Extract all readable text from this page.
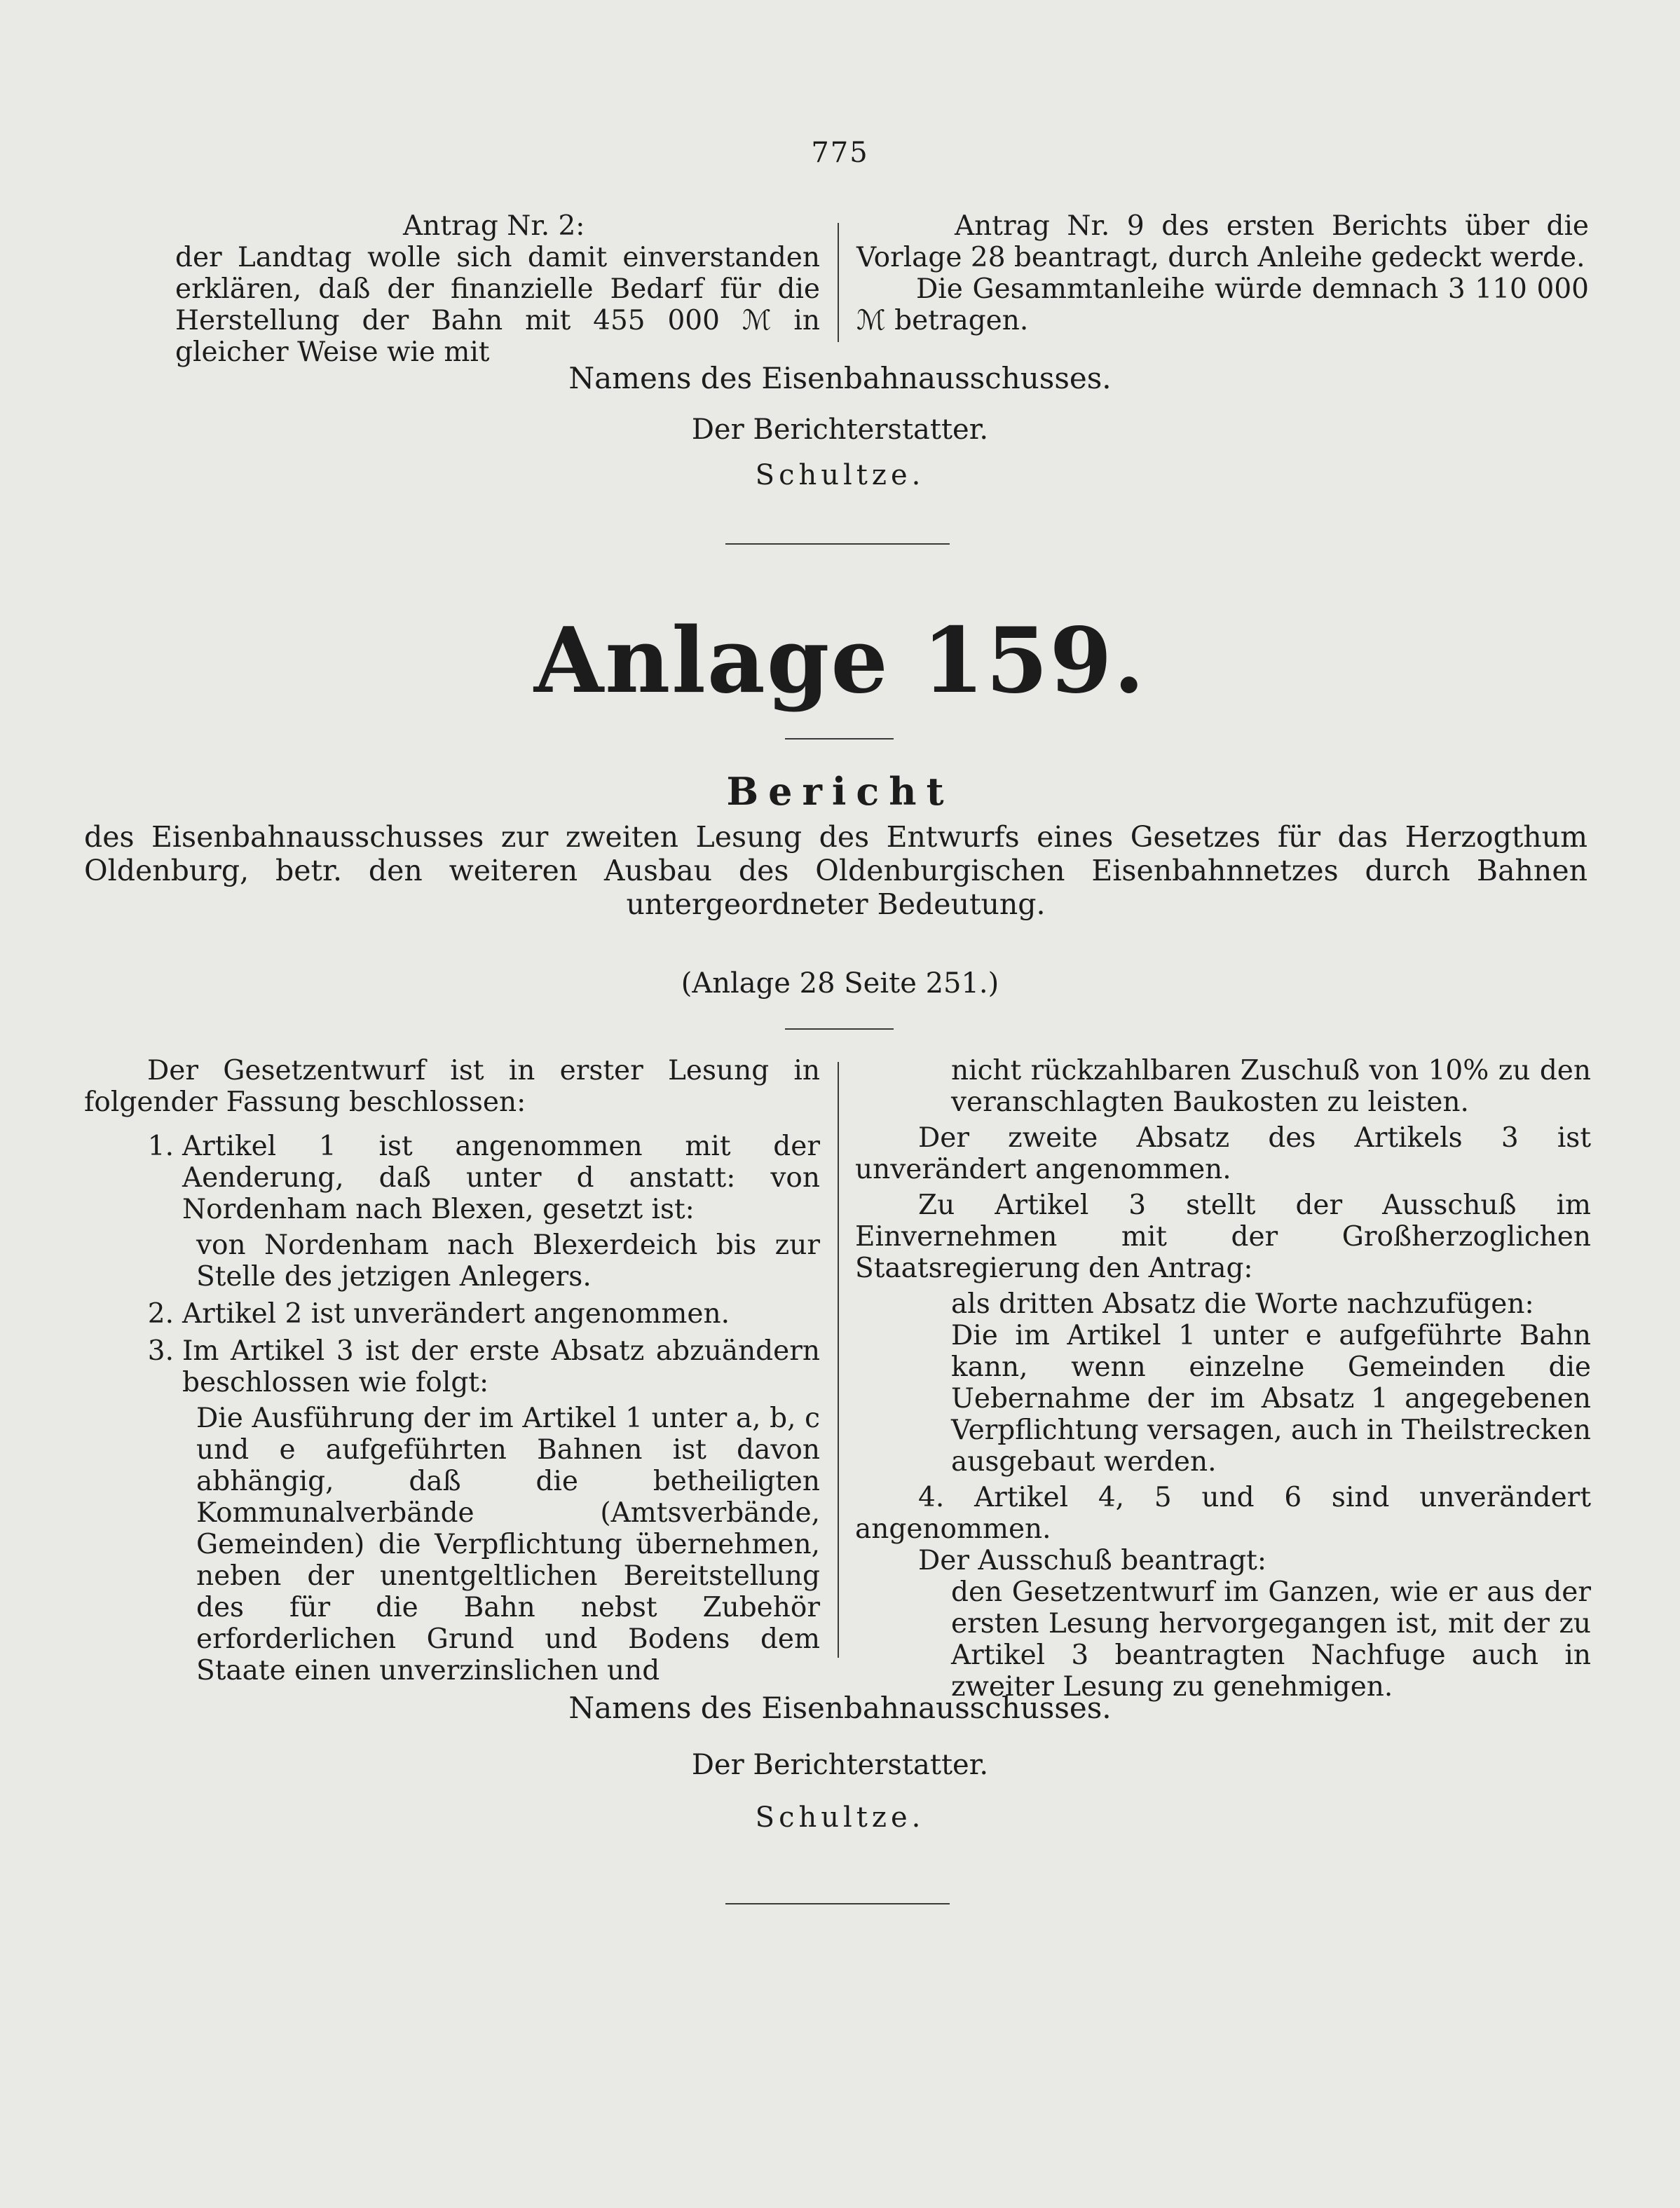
775

Antrag Nr. 2:

der Landtag wolle sich damit einverstanden erklären, daß der finanzielle Bedarf für die Herstellung der Bahn mit 455 000 ℳ in gleicher Weise wie mit

Antrag Nr. 9 des ersten Berichts über die Vorlage 28 beantragt, durch Anleihe gedeckt werde.

Die Gesammtanleihe würde demnach 3 110 000 ℳ betragen.

Namens des Eisenbahnausschusses.
Der Berichterstatter.
Schultze.
Anlage 159.
Bericht
des Eisenbahnausschusses zur zweiten Lesung des Entwurfs eines Gesetzes für das Herzogthum Oldenburg, betr. den weiteren Ausbau des Oldenburgischen Eisenbahnnetzes durch Bahnen untergeordneter Bedeutung.
(Anlage 28 Seite 251.)

Der Gesetzentwurf ist in erster Lesung in folgender Fassung beschlossen:

1. Artikel 1 ist angenommen mit der Aenderung, daß unter d anstatt: von Nordenham nach Blexen, gesetzt ist:

von Nordenham nach Blexerdeich bis zur Stelle des jetzigen Anlegers.

2. Artikel 2 ist unverändert angenommen.
3. Im Artikel 3 ist der erste Absatz abzuändern beschlossen wie folgt:

Die Ausführung der im Artikel 1 unter a, b, c und e aufgeführten Bahnen ist davon abhängig, daß die betheiligten Kommunalverbände (Amtsverbände, Gemeinden) die Verpflichtung übernehmen, neben der unentgeltlichen Bereitstellung des für die Bahn nebst Zubehör erforderlichen Grund und Bodens dem Staate einen unverzinslichen und

nicht rückzahlbaren Zuschuß von 10% zu den veranschlagten Baukosten zu leisten.

Der zweite Absatz des Artikels 3 ist unverändert angenommen.

Zu Artikel 3 stellt der Ausschuß im Einvernehmen mit der Großherzoglichen Staatsregierung den Antrag:

als dritten Absatz die Worte nachzufügen:

Die im Artikel 1 unter e aufgeführte Bahn kann, wenn einzelne Gemeinden die Uebernahme der im Absatz 1 angegebenen Verpflichtung versagen, auch in Theilstrecken ausgebaut werden.

4. Artikel 4, 5 und 6 sind unverändert angenommen.

Der Ausschuß beantragt:

den Gesetzentwurf im Ganzen, wie er aus der ersten Lesung hervorgegangen ist, mit der zu Artikel 3 beantragten Nachfuge auch in zweiter Lesung zu genehmigen.

Namens des Eisenbahnausschusses.
Der Berichterstatter.
Schultze.
